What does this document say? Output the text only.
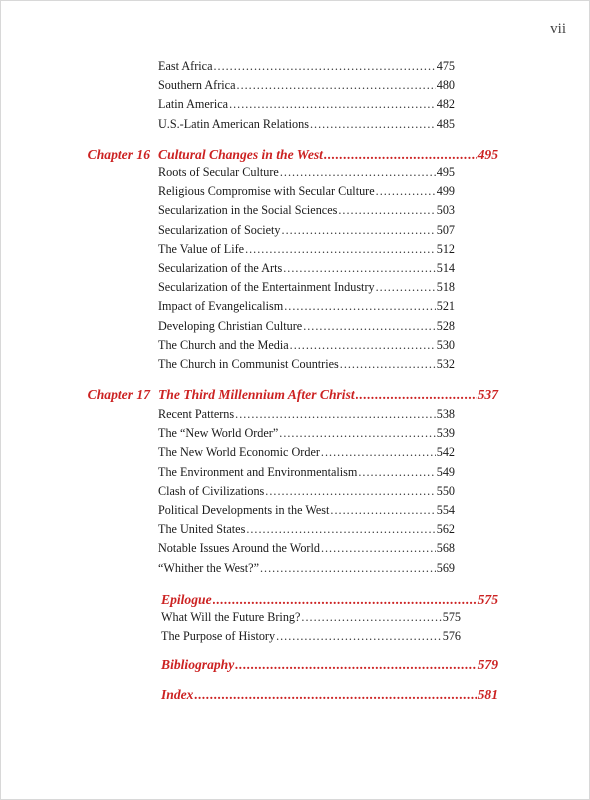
vii
East Africa .....	475
Southern Africa .....	480
Latin America .....	482
U.S.-Latin American Relations .....	485
Chapter 16 Cultural Changes in the West .....	495
Roots of Secular Culture .....	495
Religious Compromise with Secular Culture .....	499
Secularization in the Social Sciences .....	503
Secularization of Society .....	507
The Value of Life .....	512
Secularization of the Arts .....	514
Secularization of the Entertainment Industry .....	518
Impact of Evangelicalism .....	521
Developing Christian Culture .....	528
The Church and the Media .....	530
The Church in Communist Countries .....	532
Chapter 17 The Third Millennium After Christ .....	537
Recent Patterns .....	538
The “New World Order” .....	539
The New World Economic Order .....	542
The Environment and Environmentalism .....	549
Clash of Civilizations .....	550
Political Developments in the West .....	554
The United States .....	562
Notable Issues Around the World .....	568
“Whither the West?” .....	569
Epilogue .....	575
What Will the Future Bring? .....	575
The Purpose of History .....	576
Bibliography .....	579
Index .....	581
